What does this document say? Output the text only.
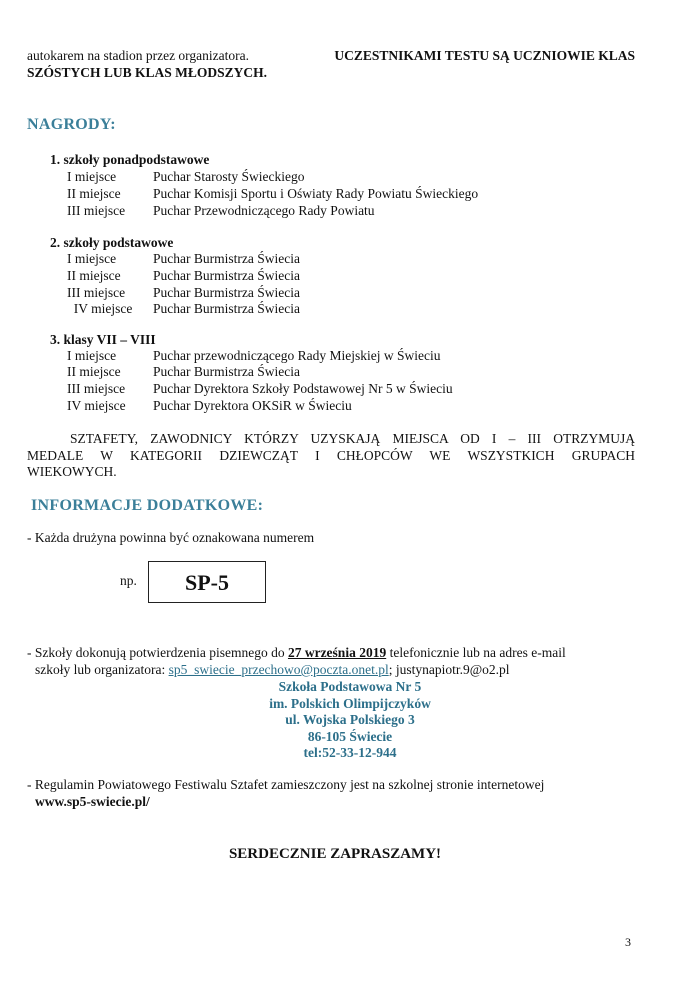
autokarem na stadion przez organizatora.	UCZESTNIKAMI TESTU SĄ UCZNIOWIE KLAS
SZÓSTYCH LUB KLAS MŁODSZYCH.
NAGRODY:
1. szkoły ponadpodstawowe
I miejsce	Puchar Starosty Świeckiego
II miejsce Puchar Komisji Sportu i Oświaty Rady Powiatu Świeckiego
III miejsce Puchar Przewodniczącego Rady Powiatu
2. szkoły podstawowe
I miejsce	Puchar Burmistrza Świecia
II miejsce Puchar Burmistrza Świecia
III miejsce Puchar Burmistrza Świecia
IV miejsce Puchar Burmistrza Świecia
3. klasy VII – VIII
I miejsce	Puchar przewodniczącego Rady Miejskiej w Świeciu
II miejsce Puchar Burmistrza Świecia
III miejsce Puchar Dyrektora Szkoły Podstawowej Nr 5 w Świeciu
IV miejsce Puchar Dyrektora OKSiR w Świeciu
SZTAFETY, ZAWODNICY KTÓRZY UZYSKAJĄ MIEJSCA OD I – III OTRZYMUJĄ
MEDALE W KATEGORII DZIEWCZĄT I CHŁOPCÓW WE WSZYSTKICH GRUPACH
WIEKOWYCH.
INFORMACJE DODATKOWE:
- Każda drużyna powinna być oznakowana numerem
np.	SP-5
- Szkoły dokonują potwierdzenia pisemnego do 27 września 2019 telefonicznie lub na adres e-mail
szkoły lub organizatora: sp5_swiecie_przechowo@poczta.onet.pl; justynapiotr.9@o2.pl
Szkoła Podstawowa Nr 5
im. Polskich Olimpijczyków
ul. Wojska Polskiego 3
86-105 Świecie
tel:52-33-12-944
- Regulamin Powiatowego Festiwalu Sztafet zamieszczony jest na szkolnej stronie internetowej
www.sp5-swiecie.pl/
SERDECZNIE ZAPRASZAMY!
3
